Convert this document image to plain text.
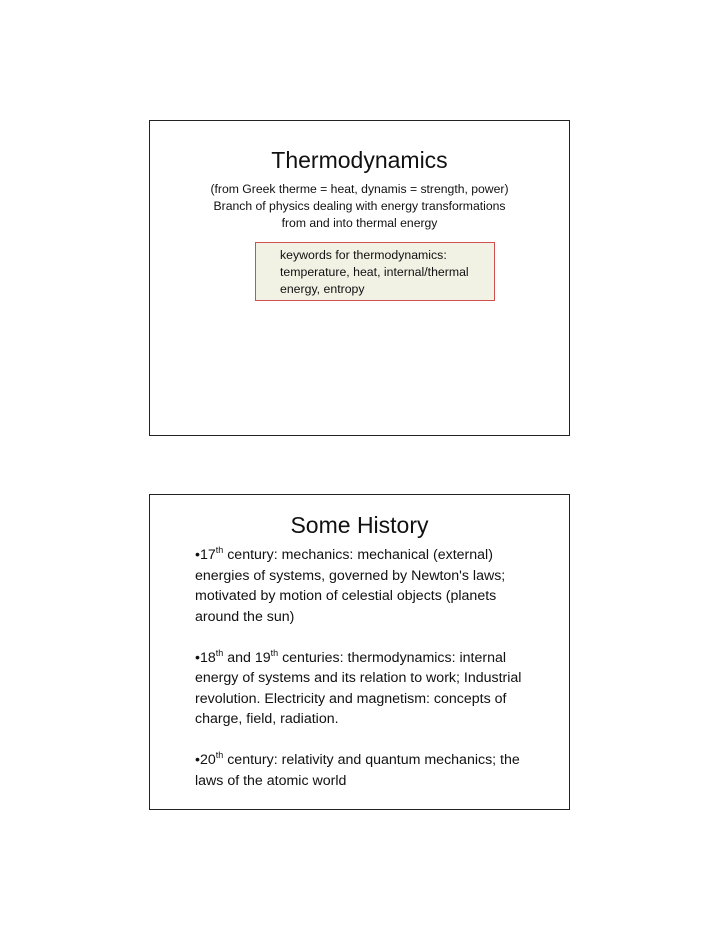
Thermodynamics
(from Greek therme = heat, dynamis = strength, power)
Branch of physics dealing with energy transformations
from and into thermal energy
keywords for thermodynamics:
temperature, heat, internal/thermal
energy, entropy
Some History
•17th century: mechanics: mechanical (external)
energies of systems, governed by Newton's laws;
motivated by motion of celestial objects (planets
around the sun)
•18th and 19th centuries: thermodynamics: internal
energy of systems and its relation to work; Industrial
revolution. Electricity and magnetism: concepts of
charge, field, radiation.
•20th century: relativity and quantum mechanics; the
laws of the atomic world
